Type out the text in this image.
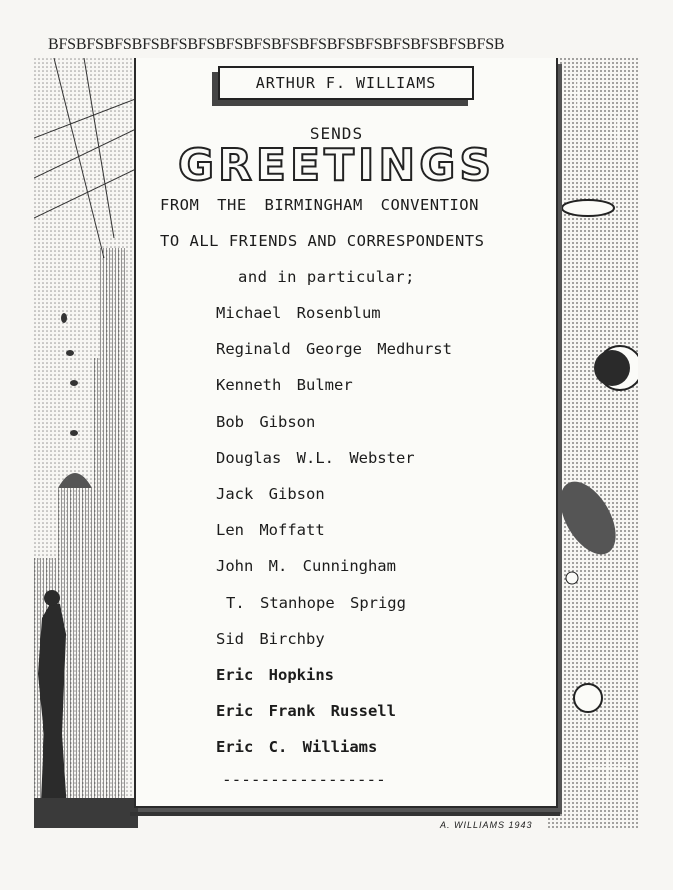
BFSBFSBFSBFSBFSBFSBFSBFSBFSBFSBFSBFSBFSBFSBFSBFSB
ARTHUR F. WILLIAMS
SENDS
GREETINGS
FROM THE BIRMINGHAM CONVENTION
TO ALL FRIENDS AND CORRESPONDENTS
and in particular;
Michael Rosenblum
Reginald George Medhurst
Kenneth Bulmer
Bob Gibson
Douglas W.L. Webster
Jack Gibson
Len Moffatt
John M. Cunningham
T. Stanhope Sprigg
Sid Birchby
Eric Hopkins
Eric Frank Russell
Eric C. Williams
-----------------
A. WILLIAMS 1943
